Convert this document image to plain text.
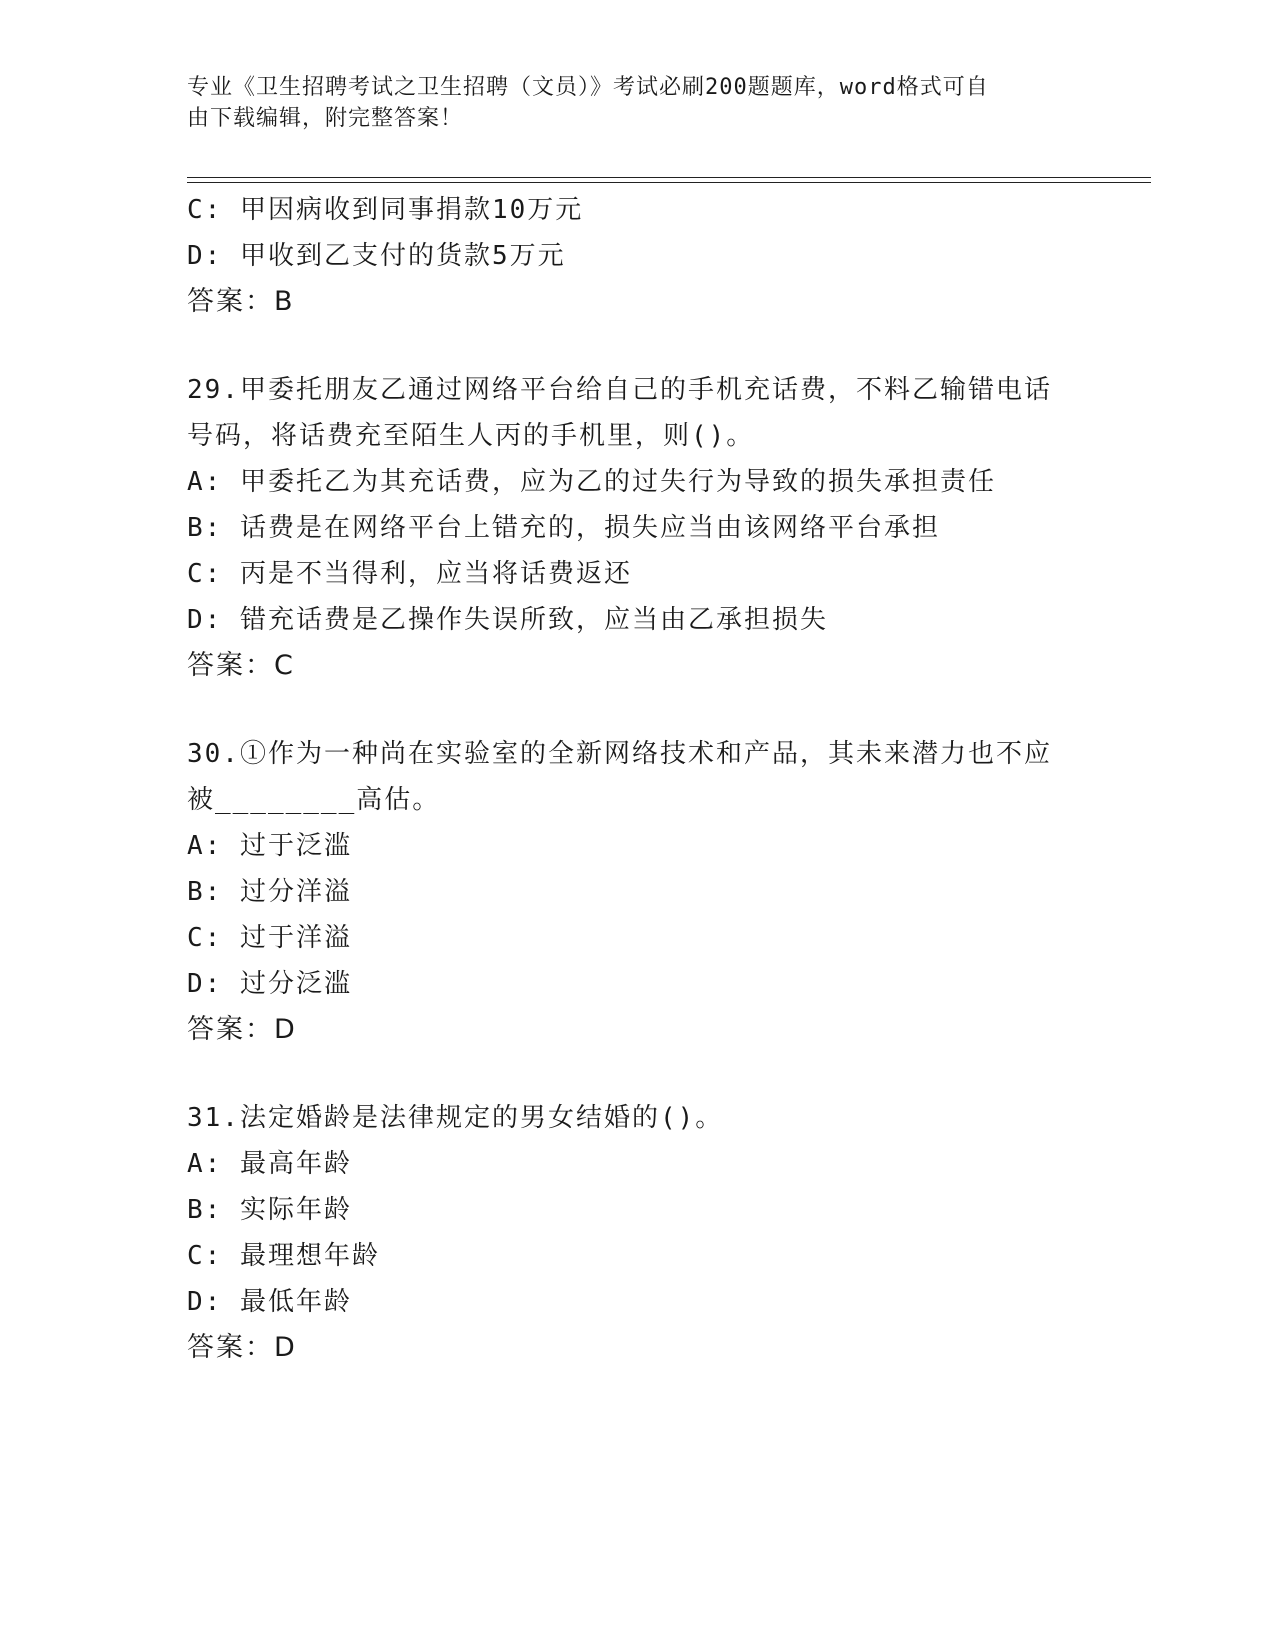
专业《卫生招聘考试之卫生招聘（文员）》考试必刷200题题库，word格式可自
由下载编辑，附完整答案！
C: 甲因病收到同事捐款10万元
D: 甲收到乙支付的货款5万元
答案：B
29.甲委托朋友乙通过网络平台给自己的手机充话费，不料乙输错电话
号码，将话费充至陌生人丙的手机里，则()。
A: 甲委托乙为其充话费，应为乙的过失行为导致的损失承担责任
B: 话费是在网络平台上错充的，损失应当由该网络平台承担
C: 丙是不当得利，应当将话费返还
D: 错充话费是乙操作失误所致，应当由乙承担损失
答案：C
30.①作为一种尚在实验室的全新网络技术和产品，其未来潜力也不应
被________高估。
A: 过于泛滥
B: 过分洋溢
C: 过于洋溢
D: 过分泛滥
答案：D
31.法定婚龄是法律规定的男女结婚的()。
A: 最高年龄
B: 实际年龄
C: 最理想年龄
D: 最低年龄
答案：D
